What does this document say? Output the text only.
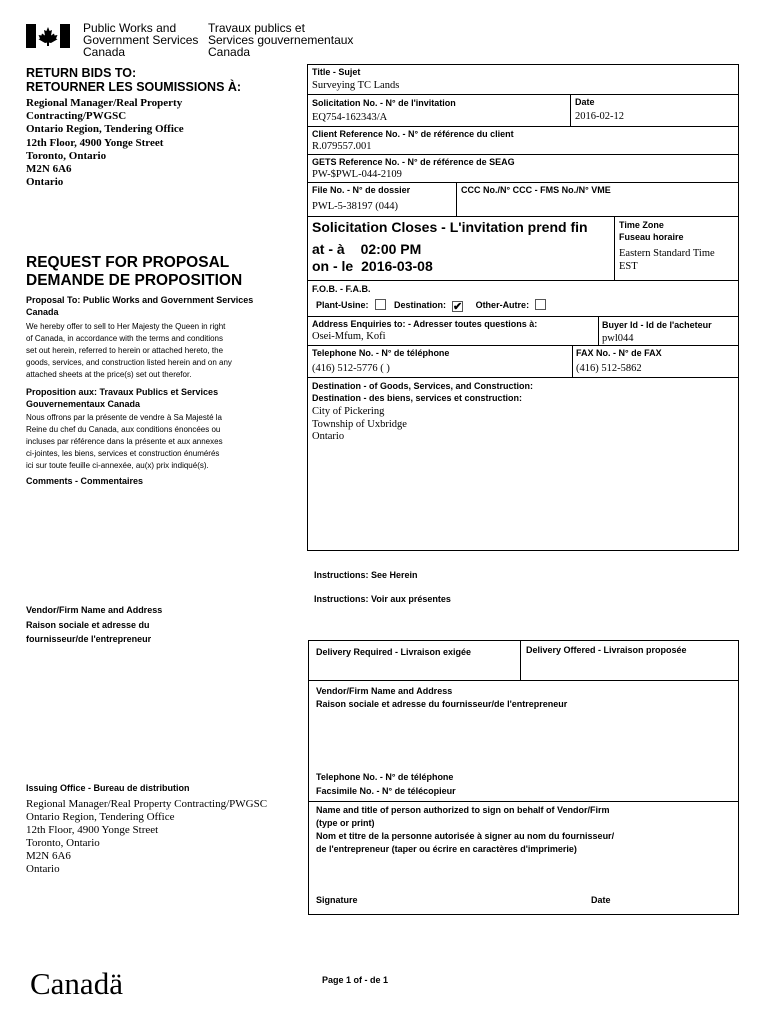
Public Works and
Government Services
Canada
Travaux publics et
Services gouvernementaux
Canada
RETURN BIDS TO:
RETOURNER LES SOUMISSIONS À:
Regional Manager/Real Property
Contracting/PWGSC
Ontario Region, Tendering Office
12th Floor, 4900 Yonge Street
Toronto, Ontario
M2N 6A6
Ontario
REQUEST FOR PROPOSAL
DEMANDE DE PROPOSITION
Proposal To: Public Works and Government Services Canada
We hereby offer to sell to Her Majesty the Queen in right
of Canada, in accordance with the terms and conditions
set out herein, referred to herein or attached hereto, the
goods, services, and construction listed herein and on any
attached sheets at the price(s) set out therefor.
Proposition aux: Travaux Publics et Services
Gouvernementaux Canada
Nous offrons par la présente de vendre à Sa Majesté la
Reine du chef du Canada, aux conditions énoncées ou
incluses par référence dans la présente et aux annexes
ci-jointes, les biens, services et construction énumérés
ici sur toute feuille ci-annexée, au(x) prix indiqué(s).
Comments - Commentaires
Vendor/Firm Name and Address
Raison sociale et adresse du
fournisseur/de l'entrepreneur
Issuing Office - Bureau de distribution
Regional Manager/Real Property Contracting/PWGSC
Ontario Region, Tendering Office
12th Floor, 4900 Yonge Street
Toronto, Ontario
M2N 6A6
Ontario
Canadä
Title - Sujet
Surveying TC Lands
Solicitation No. - N° de l'invitation
EQ754-162343/A
Date
2016-02-12
Client Reference No. - N° de référence du client
R.079557.001
GETS Reference No. - N° de référence de SEAG
PW-$PWL-044-2109
File No. - N° de dossier
PWL-5-38197 (044)
CCC No./N° CCC - FMS No./N° VME
Solicitation Closes - L'invitation prend fin
at - à 02:00 PM
on - le 2016-03-08
Time Zone
Fuseau horaire
Eastern Standard Time
EST
F.O.B. - F.A.B.
Plant-Usine:	Destination: ✔ Other-Autre:
Address Enquiries to: - Adresser toutes questions à:
Osei-Mfum, Kofi
Buyer Id - Id de l'acheteur
pwl044
Telephone No. - N° de téléphone
(416) 512-5776 ( )
FAX No. - N° de FAX
(416) 512-5862
Destination - of Goods, Services, and Construction:
Destination - des biens, services et construction:
City of Pickering
Township of Uxbridge
Ontario
Instructions: See Herein
Instructions: Voir aux présentes
Delivery Required - Livraison exigée	Delivery Offered - Livraison proposée
Vendor/Firm Name and Address
Raison sociale et adresse du fournisseur/de l'entrepreneur
Telephone No. - N° de téléphone
Facsimile No. - N° de télécopieur
Name and title of person authorized to sign on behalf of Vendor/Firm
(type or print)
Nom et titre de la personne autorisée à signer au nom du fournisseur/
de l'entrepreneur (taper ou écrire en caractères d'imprimerie)
Signature	Date
Page 1 of - de 1
